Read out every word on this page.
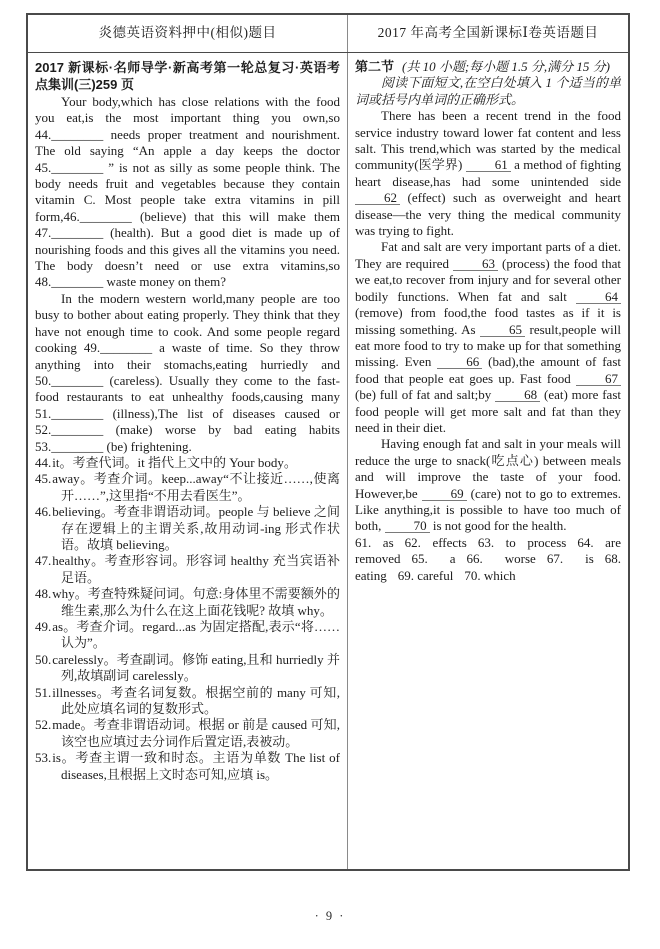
炎德英语资料押中(相似)题目	2017 年高考全国新课标Ⅰ卷英语题目
2017 新课标·名师导学·新高考第一轮总复习·英语考点集训(三)259 页

Your body,which has close relations with the food you eat,is the most important thing you own,so 44.________ needs proper treatment and nourishment. The old saying “An apple a day keeps the doctor 45.________ ” is not as silly as some people think. The body needs fruit and vegetables because they contain vitamin C. Most people take extra vitamins in pill form,46.________ (believe) that this will make them 47.________ (health). But a good diet is made up of nourishing foods and this gives all the vitamins you need. The body doesn’t need or use extra vitamins,so 48.________ waste money on them?

In the modern western world,many people are too busy to bother about eating properly. They think that they have not enough time to cook. And some people regard cooking 49.________ a waste of time. So they throw anything into their stomachs,eating hurriedly and 50.________ (careless). Usually they come to the fast-food restaurants to eat unhealthy foods,causing many 51.________ (illness),The list of diseases caused or 52.________ (make) worse by bad eating habits 53.________ (be) frightening.

44.it。考查代词。it 指代上文中的 Your body。
45.away。考查介词。keep...away“不让接近……,使离开……”,这里指“不用去看医生”。
46.believing。考查非谓语动词。people 与 believe 之间存在逻辑上的主谓关系,故用动词-ing 形式作状语。故填 believing。
47.healthy。考查形容词。形容词 healthy 充当宾语补足语。
48.why。考查特殊疑问词。句意:身体里不需要额外的维生素,那么为什么在这上面花钱呢? 故填 why。
49.as。考查介词。regard...as 为固定搭配,表示“将……认为”。
50.carelessly。考查副词。修饰 eating,且和 hurriedly 并列,故填副词 carelessly。
51.illnesses。考查名词复数。根据空前的 many 可知,此处应填名词的复数形式。
52.made。考查非谓语动词。根据 or 前是 caused 可知,该空也应填过去分词作后置定语,表被动。
53.is。考查主谓一致和时态。主语为单数 The list of diseases,且根据上文时态可知,应填 is。

第二节 (共 10 小题;每小题 1.5 分,满分 15 分)

阅读下面短文,在空白处填入 1 个适当的单词或括号内单词的正确形式。

There has been a recent trend in the food service industry toward lower fat content and less salt. This trend,which was started by the medical community(医学界) 61 a method of fighting heart disease,has had some unintended side 62 (effect) such as overweight and heart disease—the very thing the medical community was trying to fight.

Fat and salt are very important parts of a diet. They are required 63 (process) the food that we eat,to recover from injury and for several other bodily functions. When fat and salt 64 (remove) from food,the food tastes as if it is missing something. As 65 result,people will eat more food to try to make up for that something missing. Even 66 (bad),the amount of fast food that people eat goes up. Fast food 67 (be) full of fat and salt;by 68 (eat) more fast food people will get more salt and fat than they need in their diet.

Having enough fat and salt in your meals will reduce the urge to snack(吃点心) between meals and will improve the taste of your food. However,be 69 (care) not to go to extremes. Like anything,it is possible to have too much of both, 70 is not good for the health.

61. as 62. effects 63. to process 64. are removed 65. a 66. worse 67. is 68. eating 69. careful 70. which

· 9 ·
